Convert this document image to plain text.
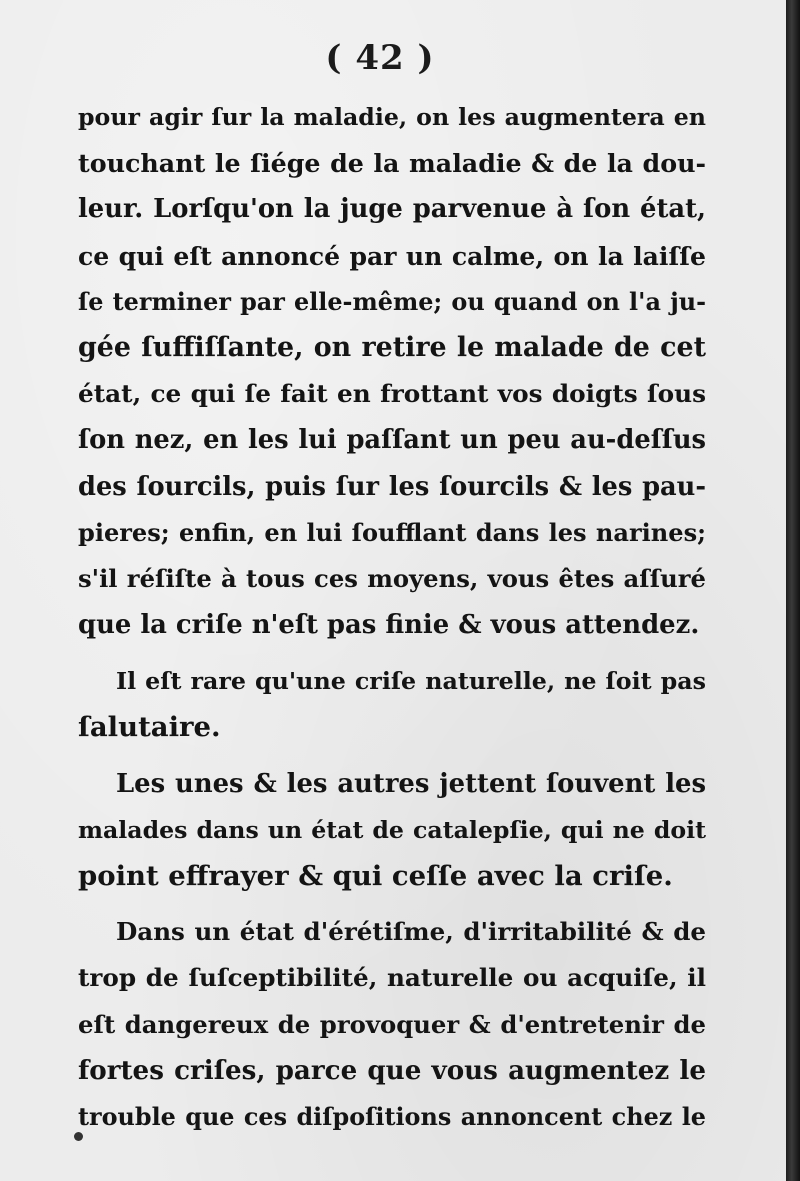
( 42 )
pour agir ſur la maladie, on les augmentera en
touchant le ſiége de la maladie & de la dou-
leur. Lorſqu'on la juge parvenue à ſon état,
ce qui eſt annoncé par un calme, on la laiſſe
ſe terminer par elle-même; ou quand on l'a ju-
gée ſuffiſſante, on retire le malade de cet
état, ce qui ſe fait en frottant vos doigts ſous
ſon nez, en les lui paſſant un peu au-deſſus
des ſourcils, puis ſur les ſourcils & les pau-
pieres; enfin, en lui ſoufflant dans les narines;
s'il réſiſte à tous ces moyens, vous êtes aſſuré
que la criſe n'eſt pas finie & vous attendez.
Il eſt rare qu'une criſe naturelle, ne ſoit pas
ſalutaire.
Les unes & les autres jettent ſouvent les
malades dans un état de catalepſie, qui ne doit
point effrayer & qui ceſſe avec la criſe.
Dans un état d'érétiſme, d'irritabilité & de
trop de ſuſceptibilité, naturelle ou acquiſe, il
eſt dangereux de provoquer & d'entretenir de
fortes criſes, parce que vous augmentez le
trouble que ces diſpoſitions annoncent chez le
